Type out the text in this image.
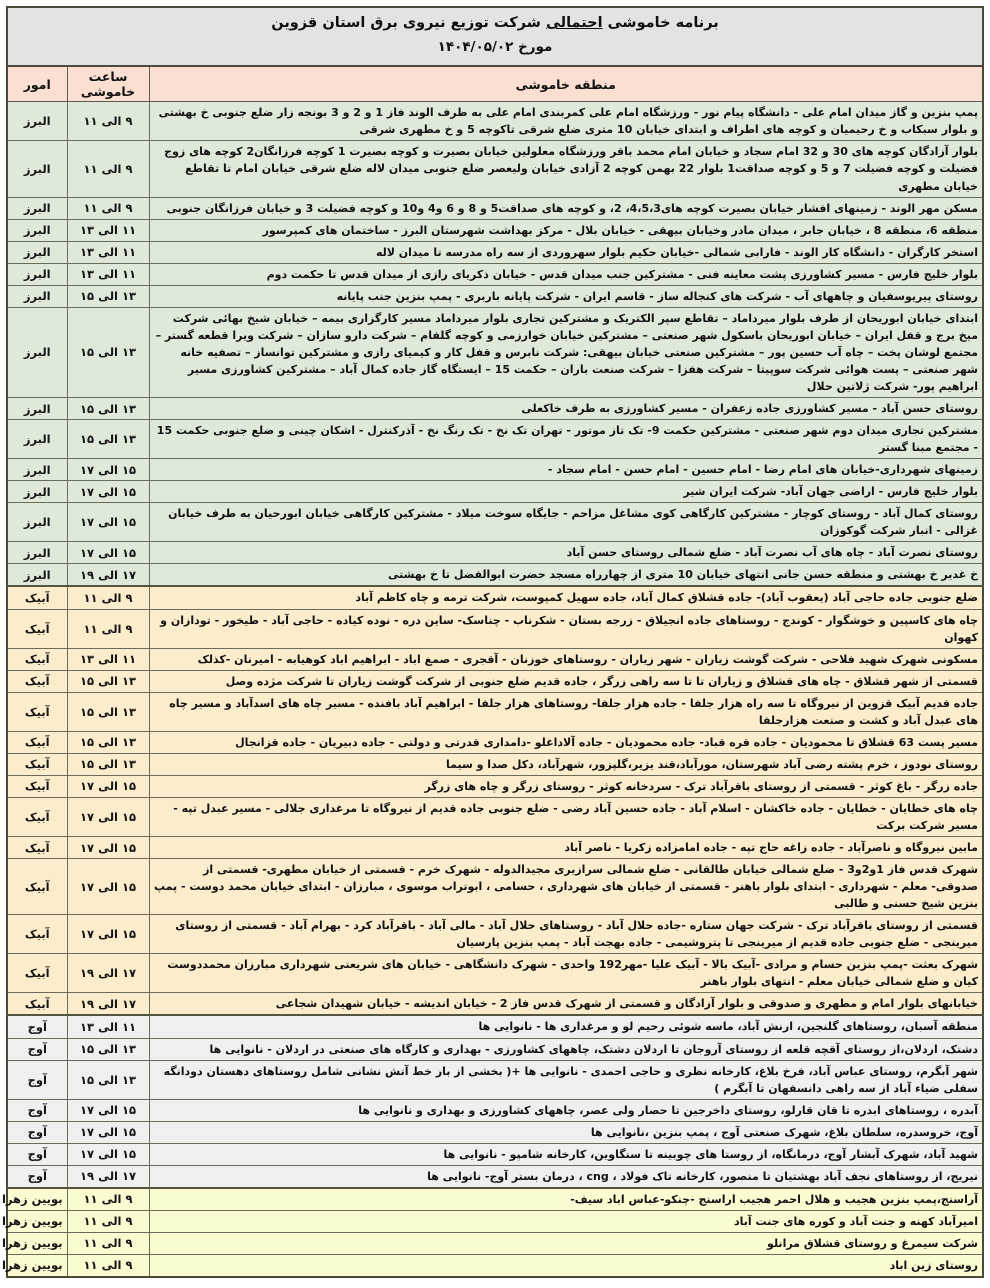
برنامه خاموشی احتمالی شرکت توزیع نیروی برق استان قزوین
مورخ ۱۴۰۴/۰۵/۰۲		

منطقه خاموشی	ساعت خاموشی	امور
پمپ بنزین و گاز میدان امام علی - دانشگاه پیام نور - ورزشگاه امام علی کمربندی امام علی به طرف الوند فاز 1 و 2 و 3 بونجه زار ضلع جنوبی خ بهشتی و بلوار سبکاب و خ رحیمیان و کوچه های اطراف و ابتدای خیابان 10 متری ضلع شرقی تاکوچه 5 و خ مطهری شرقی	۹ الی ۱۱	البرز
بلوار آزادگان کوچه های 30 و 32 امام سجاد و خیابان امام محمد باقر ورزشگاه معلولین خیابان بصیرت و کوچه بصیرت 1 کوچه فرزانگان2 کوچه های زوج فضیلت و کوچه فضیلت 7 و 5 و کوچه صداقت1 بلوار 22 بهمن کوچه 2 آزادی خیابان ولیعصر ضلع جنوبی میدان لاله ضلع شرقی خیابان امام تا تقاطع خیابان مطهری	۹ الی ۱۱	البرز
مسکن مهر الوند - زمینهای افشار خیابان بصیرت کوچه های4،5،3، 2، و کوچه های صداقت5 و 8 و 6 و4 و10 و کوچه فضیلت 3 و خیابان فرزانگان جنوبی	۹ الی ۱۱	البرز
منطقه 6، منطقه 8 ، خیابان جابر ، میدان مادر وخیابان بیهقی - خیابان بلال - مرکز بهداشت شهرستان البرز - ساختمان های کمپرسور	۱۱ الی ۱۳	البرز
استخر کارگران - دانشگاه کار الوند - فارابی شمالی -خیابان حکیم بلوار سهروردی از سه راه مدرسه تا میدان لاله	۱۱ الی ۱۳	البرز
بلوار خلیج فارس - مسیر کشاورزی پشت معاینه فنی - مشترکین جنب میدان قدس - خیابان ذکریای رازی از میدان قدس تا حکمت دوم	۱۱ الی ۱۳	البرز
روستای پیریوسفیان و چاههای آب - شرکت های کنجاله ساز - قاسم ایران - شرکت پایانه باربری - پمپ بنزین جنب پایانه	۱۳ الی ۱۵	البرز
ابتدای خیابان ابوریحان از طرف بلوار میرداماد – تقاطع سپر الکتریک و مشترکین تجاری بلوار میرداماد مسیر کارگزاری بیمه – خیابان شیخ بهائی شرکت میخ برج و قفل ایران – خیابان ابوریحان باسکول شهر صنعتی – مشترکین خیابان خوارزمی و کوچه گلفام – شرکت دارو سازان – شرکت ویرا قطعه گستر – مجتمع لوشان پخت – چاه آب حسین پور – مشترکین صنعتی خیابان بیهقی: شرکت نابرس و قفل کار و کیمیای رازی و مشترکین توانساز – تصفیه خانه شهر صنعتی – پست هوائی شرکت سوپیتا – شرکت هفزا – شرکت صنعت باران – حکمت 15 – ایستگاه گاز جاده کمال آباد – مشترکین کشاورزی مسیر ابراهیم پور- شرکت ژلاتین حلال	۱۳ الی ۱۵	البرز
روستای حسن آباد - مسیر کشاورزی جاده زعفران - مسیر کشاورزی به طرف خاکعلی	۱۳ الی ۱۵	البرز
مشترکین تجاری میدان دوم شهر صنعتی - مشترکین حکمت 9- تک تاز موتور - تهران تک نخ - تک رنگ نخ - آذرکنترل - اشکان چینی و ضلع جنوبی حکمت 15 - مجتمع مبنا گستر	۱۳ الی ۱۵	البرز
زمینهای شهرداری-خیابان های امام رضا - امام حسین - امام حسن - امام سجاد -	۱۵ الی ۱۷	البرز
بلوار خلیج فارس - اراضی جهان آباد- شرکت ایران شیر	۱۵ الی ۱۷	البرز
روستای کمال آباد - روستای کوچار - مشترکین کارگاهی کوی مشاغل مزاحم - جایگاه سوخت میلاد - مشترکین کارگاهی خیابان ابورحیان به طرف خیابان غزالی - انبار شرکت گوکوزان	۱۵ الی ۱۷	البرز
روستای نصرت آباد - چاه های آب نصرت آباد - ضلع شمالی روستای حسن آباد	۱۵ الی ۱۷	البرز
خ غدیر خ بهشتی و منطقه حسن جانی انتهای خیابان 10 متری از چهارراه مسجد حضرت ابوالفضل تا خ بهشتی	۱۷ الی ۱۹	البرز
ضلع جنوبی جاده حاجی آباد (یعقوب آباد)- جاده قشلاق کمال آباد، جاده سهیل کمپوست، شرکت ترمه و چاه کاظم آباد	۹ الی ۱۱	آبیک
چاه های کاسپین و خوشگوار - کوندج - روستاهای جاده انجیلاق - زرجه بستان - شکرناب - چناسک- ساین دره - نوده کیاده - حاجی آباد - طیخور - تودازان و کهوان	۹ الی ۱۱	آبیک
مسکونی شهرک شهید فلاحی - شرکت گوشت زیاران - شهر زیاران - روستاهای خوزنان - آقجری - صمغ اباد - ابراهیم اباد کوهیابه - امیرنان -کذلک	۱۱ الی ۱۳	آبیک
قسمتی از شهر قشلاق - چاه های قشلاق و زیاران تا تا سه راهی زرگر ، جاده قدیم ضلع جنوبی از شرکت گوشت زیاران تا شرکت مژده وصل	۱۳ الی ۱۵	آبیک
جاده قدیم آبیک قزوین از نیروگاه تا سه راه هزار جلفا - جاده هزار جلفا- روستاهای هزار جلفا - ابراهیم آباد بافنده - مسیر چاه های اسدآباد و مسیر چاه های عبدل آباد و کشت و صنعت هزارجلفا	۱۳ الی ۱۵	آبیک
مسیر پست 63 قشلاق تا محمودیان - جاده قره قباد- جاده محمودیان - جاده آلاداغلو -دامداری قدرتی و دولتی - جاده دبیریان - جاده قزانجال	۱۳ الی ۱۵	آبیک
روستای نودوز ، خرم پشته رضی آباد شهرستان، مورآباد،قند یزیر،گلپزور، شهرآباد، دکل صدا و سیما	۱۳ الی ۱۵	آبیک
جاده زرگر - باغ کوثر - قسمتی از روستای باقرآباد ترک - سردخانه کوثر - روستای زرگر و چاه های زرگر	۱۵ الی ۱۷	آبیک
چاه های خطایان - خطایان - جاده خاکشان - اسلام آباد - جاده حسین آباد رضی - ضلع جنوبی جاده قدیم از نیروگاه تا مرغداری جلالی - مسیر عبدل تپه - مسیر شرکت برکت	۱۵ الی ۱۷	آبیک
مابین نیروگاه و ناصرآباد - جاده زاغه حاج تپه - جاده امامزاده زکریا - ناصر آباد	۱۵ الی ۱۷	آبیک
شهرک قدس فاز 1و2و3 - ضلع شمالی خیابان طالقانی - ضلع شمالی سرازیری مجیدالدوله - شهرک خرم - قسمتی از خیابان مطهری- قسمتی از صدوقی- معلم - شهرداری - ابتدای بلوار باهنر - قسمتی از خیابان های شهرداری ، حسامی ، ابوتراب موسوی ، مبارزان - ابتدای خیابان محمد دوست - پمپ بنزین شیخ حسنی و طالبی	۱۵ الی ۱۷	آبیک
قسمتی از روستای باقرآباد ترک - شرکت جهان ستاره -جاده حلال آباد - روستاهای حلال آباد - مالی آباد - باقرآباد کرد - بهرام آباد - قسمتی از روستای میرینجی - ضلع جنوبی جاده قدیم از میرینجی تا پتروشیمی - جاده بهجت آباد - پمپ بنزین پارسیان	۱۵ الی ۱۷	آبیک
شهرک بعثت -پمپ بنزین حسام و مرادی -آبیک بالا - آبیک علیا -مهر192 واحدی - شهرک دانشگاهی - خیابان های شریعتی شهرداری مبارزان محمددوست کیان و ضلع شمالی خیابان معلم - انتهای بلوار باهنر	۱۷ الی ۱۹	آبیک
خیابانهای بلوار امام و مطهری و صدوقی و بلوار آزادگان و قسمتی از شهرک قدس فاز 2 - خیابان اندیشه - خیابان شهیدان شجاعی	۱۷ الی ۱۹	آبیک
منطقه آسبان، روستاهای گلنجین، ارنش آباد، ماسه شوئی رحیم لو و مرغداری ها - نانوایی ها	۱۱ الی ۱۳	آوج
دشتک، اردلان،از روستای آقچه قلعه از روستای آروجان تا اردلان دشتک، چاههای کشاورزی - بهداری و کارگاه های صنعتی در اردلان - نانوایی ها	۱۳ الی ۱۵	آوج
شهر آبگرم، روستای عباس آباد، فرخ بلاغ، کارخانه نظری و حاجی احمدی - نانوایی ها +( بخشی از بار خط آتش نشانی شامل روستاهای دهستان دودانگه سفلی ضیاء آباد از سه راهی دانسفهان تا آبگرم )	۱۳ الی ۱۵	آوج
آبدره ، روستاهای ابدره تا قان قارلو، روستای داخرجین تا حصار ولی عصر، چاههای کشاورزی و بهداری و نانوایی ها	۱۵ الی ۱۷	آوج
آوج، خروسدره، سلطان بلاغ، شهرک صنعتی آوج ، پمپ بنزین ،نانوایی ها	۱۵ الی ۱۷	آوج
شهید آباد، شهرک آبشار آوج، درمانگاه، از روستا های چوبینه تا سنگاوین، کارخانه شامپو - نانوایی ها	۱۵ الی ۱۷	آوج
نیریج، از روستاهای نجف آباد بهشتیان تا منصور، کارخانه تاک فولاد ، cng ، درمان بستر آوج- نانوایی ها	۱۷ الی ۱۹	آوج
آراسنج،پمپ بنزین هجیب و هلال احمر هجیب اراسنج -چنکو-عباس اباد سیف-	۹ الی ۱۱	بویین زهرا
امیرآباد کهنه و جنت آباد و کوره های جنت آباد	۹ الی ۱۱	بویین زهرا
شرکت سیمرغ و روستای قشلاق مرانلو	۹ الی ۱۱	بویین زهرا
روستای زین اباد	۹ الی ۱۱	بویین زهرا
